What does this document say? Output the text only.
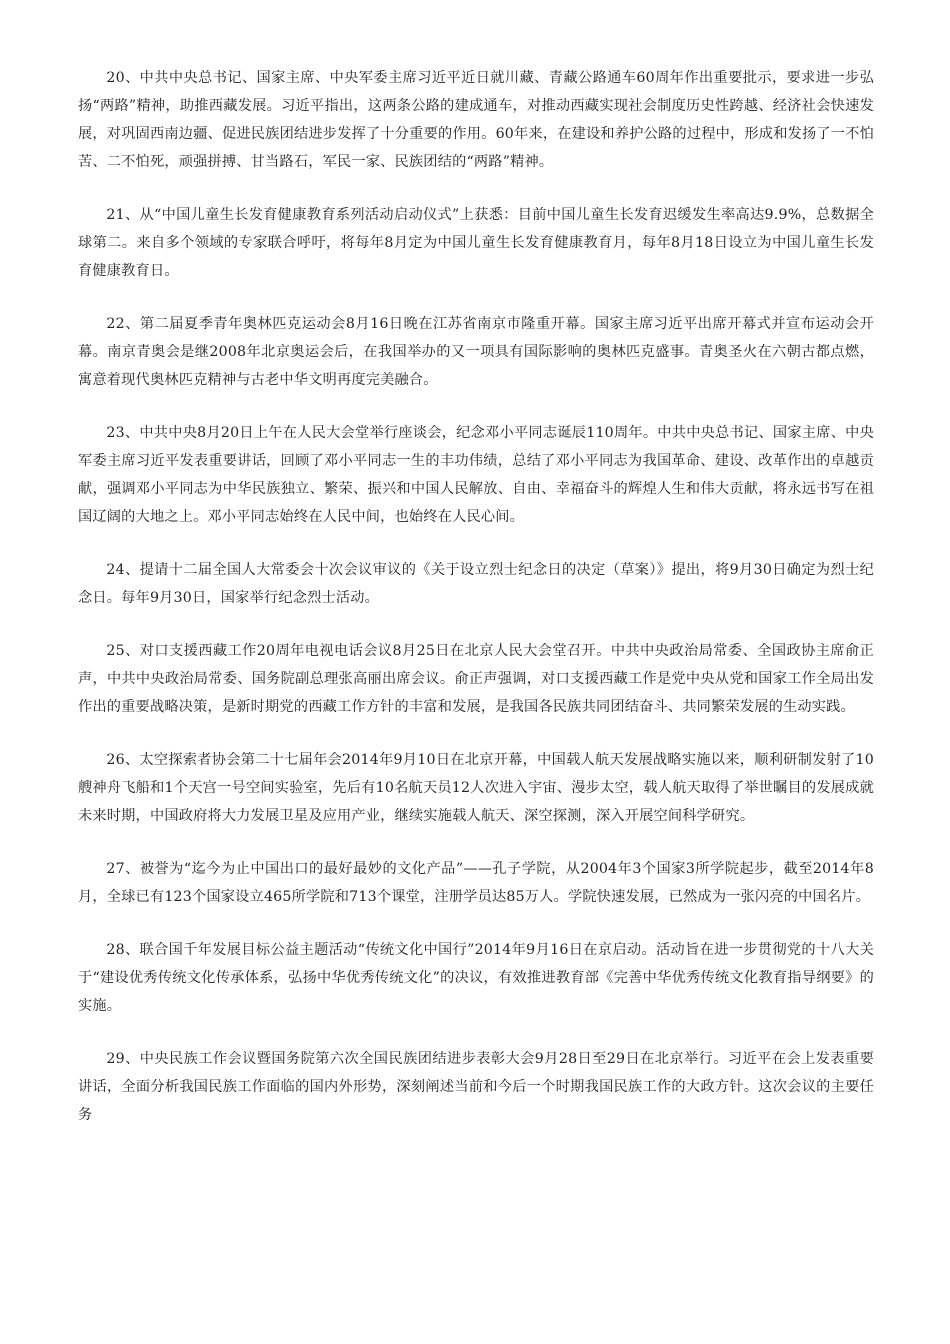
20、中共中央总书记、国家主席、中央军委主席习近平近日就川藏、青藏公路通车60周年作出重要批示，要求进一步弘扬“两路”精神，助推西藏发展。习近平指出，这两条公路的建成通车，对推动西藏实现社会制度历史性跨越、经济社会快速发展，对巩固西南边疆、促进民族团结进步发挥了十分重要的作用。60年来，在建设和养护公路的过程中，形成和发扬了一不怕苦、二不怕死，顽强拼搏、甘当路石，军民一家、民族团结的“两路”精神。

21、从“中国儿童生长发育健康教育系列活动启动仪式”上获悉：目前中国儿童生长发育迟缓发生率高达9.9%，总数据全球第二。来自多个领域的专家联合呼吁，将每年8月定为中国儿童生长发育健康教育月，每年8月18日设立为中国儿童生长发育健康教育日。

22、第二届夏季青年奥林匹克运动会8月16日晚在江苏省南京市隆重开幕。国家主席习近平出席开幕式并宣布运动会开幕。南京青奥会是继2008年北京奥运会后，在我国举办的又一项具有国际影响的奥林匹克盛事。青奥圣火在六朝古都点燃，寓意着现代奥林匹克精神与古老中华文明再度完美融合。

23、中共中央8月20日上午在人民大会堂举行座谈会，纪念邓小平同志诞辰110周年。中共中央总书记、国家主席、中央军委主席习近平发表重要讲话，回顾了邓小平同志一生的丰功伟绩，总结了邓小平同志为我国革命、建设、改革作出的卓越贡献，强调邓小平同志为中华民族独立、繁荣、振兴和中国人民解放、自由、幸福奋斗的辉煌人生和伟大贡献，将永远书写在祖国辽阔的大地之上。邓小平同志始终在人民中间，也始终在人民心间。

24、提请十二届全国人大常委会十次会议审议的《关于设立烈士纪念日的决定（草案）》提出，将9月30日确定为烈士纪念日。每年9月30日，国家举行纪念烈士活动。

25、对口支援西藏工作20周年电视电话会议8月25日在北京人民大会堂召开。中共中央政治局常委、全国政协主席俞正声，中共中央政治局常委、国务院副总理张高丽出席会议。俞正声强调，对口支援西藏工作是党中央从党和国家工作全局出发作出的重要战略决策，是新时期党的西藏工作方针的丰富和发展，是我国各民族共同团结奋斗、共同繁荣发展的生动实践。

26、太空探索者协会第二十七届年会2014年9月10日在北京开幕，中国载人航天发展战略实施以来，顺利研制发射了10艘神舟飞船和1个天宫一号空间实验室，先后有10名航天员12人次进入宇宙、漫步太空，载人航天取得了举世瞩目的发展成就未来时期，中国政府将大力发展卫星及应用产业，继续实施载人航天、深空探测，深入开展空间科学研究。

27、被誉为“迄今为止中国出口的最好最妙的文化产品”——孔子学院，从2004年3个国家3所学院起步，截至2014年8月，全球已有123个国家设立465所学院和713个课堂，注册学员达85万人。学院快速发展，已然成为一张闪亮的中国名片。

28、联合国千年发展目标公益主题活动“传统文化中国行”2014年9月16日在京启动。活动旨在进一步贯彻党的十八大关于“建设优秀传统文化传承体系，弘扬中华优秀传统文化”的决议，有效推进教育部《完善中华优秀传统文化教育指导纲要》的实施。

29、中央民族工作会议暨国务院第六次全国民族团结进步表彰大会9月28日至29日在北京举行。习近平在会上发表重要讲话，全面分析我国民族工作面临的国内外形势，深刻阐述当前和今后一个时期我国民族工作的大政方针。这次会议的主要任务
